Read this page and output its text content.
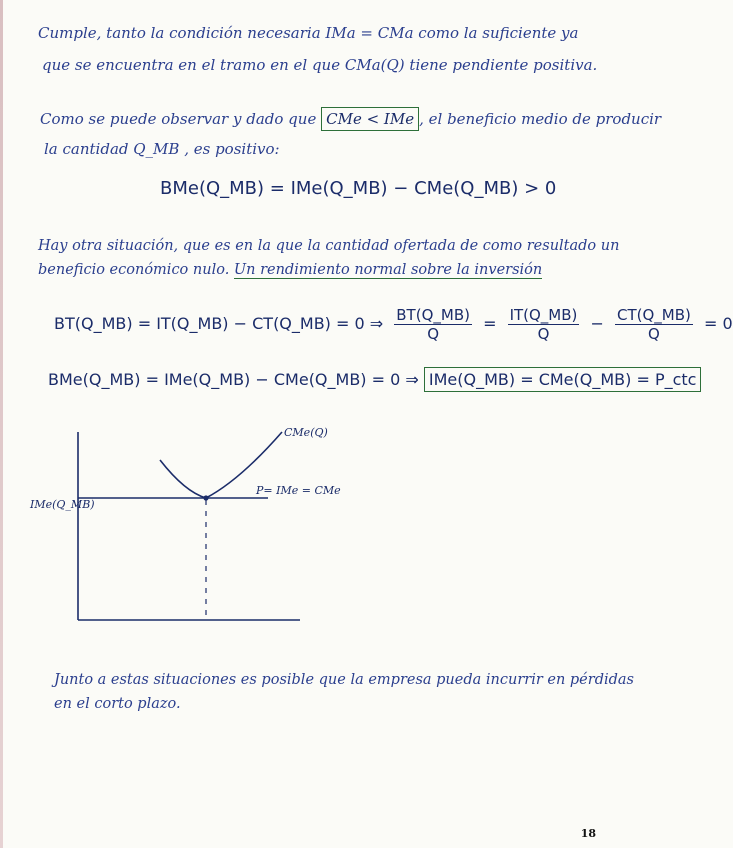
Cumple, tanto la condición necesaria IMa = CMa como la suficiente ya
que se encuentra en el tramo en el que CMa(Q) tiene pendiente positiva.
Como se puede observar y dado que CMe < IMe , el beneficio medio de producir
la cantidad Q_MB , es positivo:
BMe(Q_MB) = IMe(Q_MB) − CMe(Q_MB) > 0
Hay otra situación, que es en la que la cantidad ofertada de como resultado un
beneficio económico nulo. Un rendimiento normal sobre la inversión
BT(Q_MB) = IT(Q_MB) − CT(Q_MB) = 0 ⇒ $\frac{BT(Q\_MB)}{Q} = \frac{IT(Q\_MB)}{Q} - \frac{CT(Q\_MB)}{Q} = 0$
BMe(Q_MB) = IMe(Q_MB) − CMe(Q_MB) = 0 ⇒ IMe(Q_MB) = CMe(Q_MB) = P_ctc
CMe(Q)
P= IMe = CMe
IMe(Q_MB)
Junto a estas situaciones es posible que la empresa pueda incurrir en pérdidas
en el corto plazo.
18
